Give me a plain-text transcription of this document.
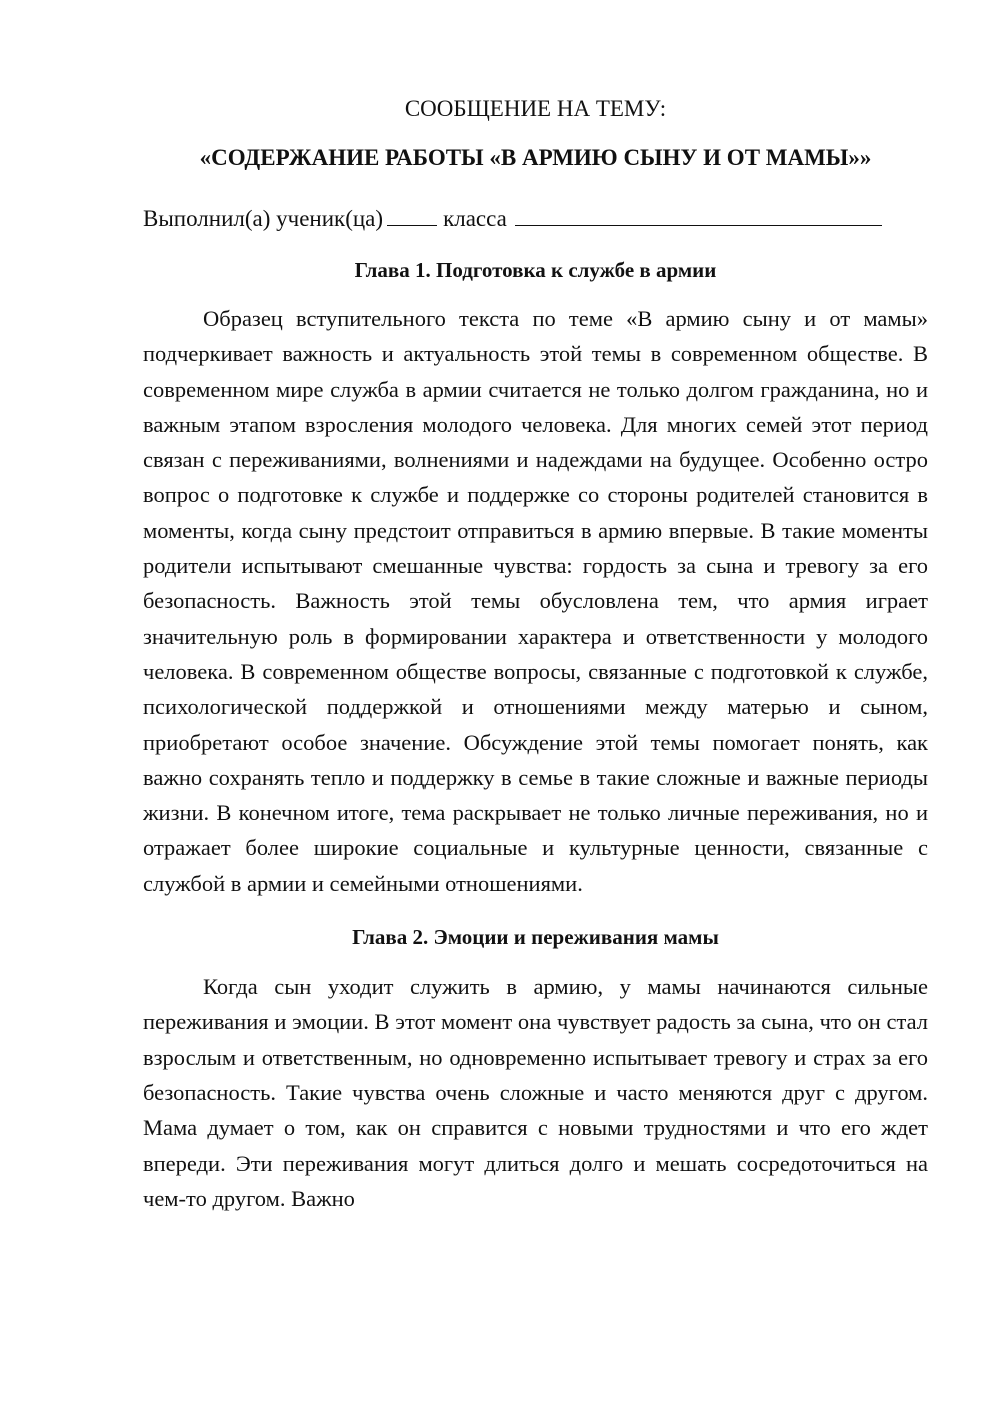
СООБЩЕНИЕ НА ТЕМУ:

«СОДЕРЖАНИЕ РАБОТЫ «В АРМИЮ СЫНУ И ОТ МАМЫ»»

Выполнил(а) ученик(ца)	класса
Глава 1. Подготовка к службе в армии

Образец вступительного текста по теме «В армию сыну и от мамы» подчеркивает важность и актуальность этой темы в современном обществе. В современном мире служба в армии считается не только долгом гражданина, но и важным этапом взросления молодого человека. Для многих семей этот период связан с переживаниями, волнениями и надеждами на будущее. Особенно остро вопрос о подготовке к службе и поддержке со стороны родителей становится в моменты, когда сыну предстоит отправиться в армию впервые. В такие моменты родители испытывают смешанные чувства: гордость за сына и тревогу за его безопасность. Важность этой темы обусловлена тем, что армия играет значительную роль в формировании характера и ответственности у молодого человека. В современном обществе вопросы, связанные с подготовкой к службе, психологической поддержкой и отношениями между матерью и сыном, приобретают особое значение. Обсуждение этой темы помогает понять, как важно сохранять тепло и поддержку в семье в такие сложные и важные периоды жизни. В конечном итоге, тема раскрывает не только личные переживания, но и отражает более широкие социальные и культурные ценности, связанные с службой в армии и семейными отношениями.

Глава 2. Эмоции и переживания мамы

Когда сын уходит служить в армию, у мамы начинаются сильные переживания и эмоции. В этот момент она чувствует радость за сына, что он стал взрослым и ответственным, но одновременно испытывает тревогу и страх за его безопасность. Такие чувства очень сложные и часто меняются друг с другом. Мама думает о том, как он справится с новыми трудностями и что его ждет впереди. Эти переживания могут длиться долго и мешать сосредоточиться на чем-то другом. Важно
